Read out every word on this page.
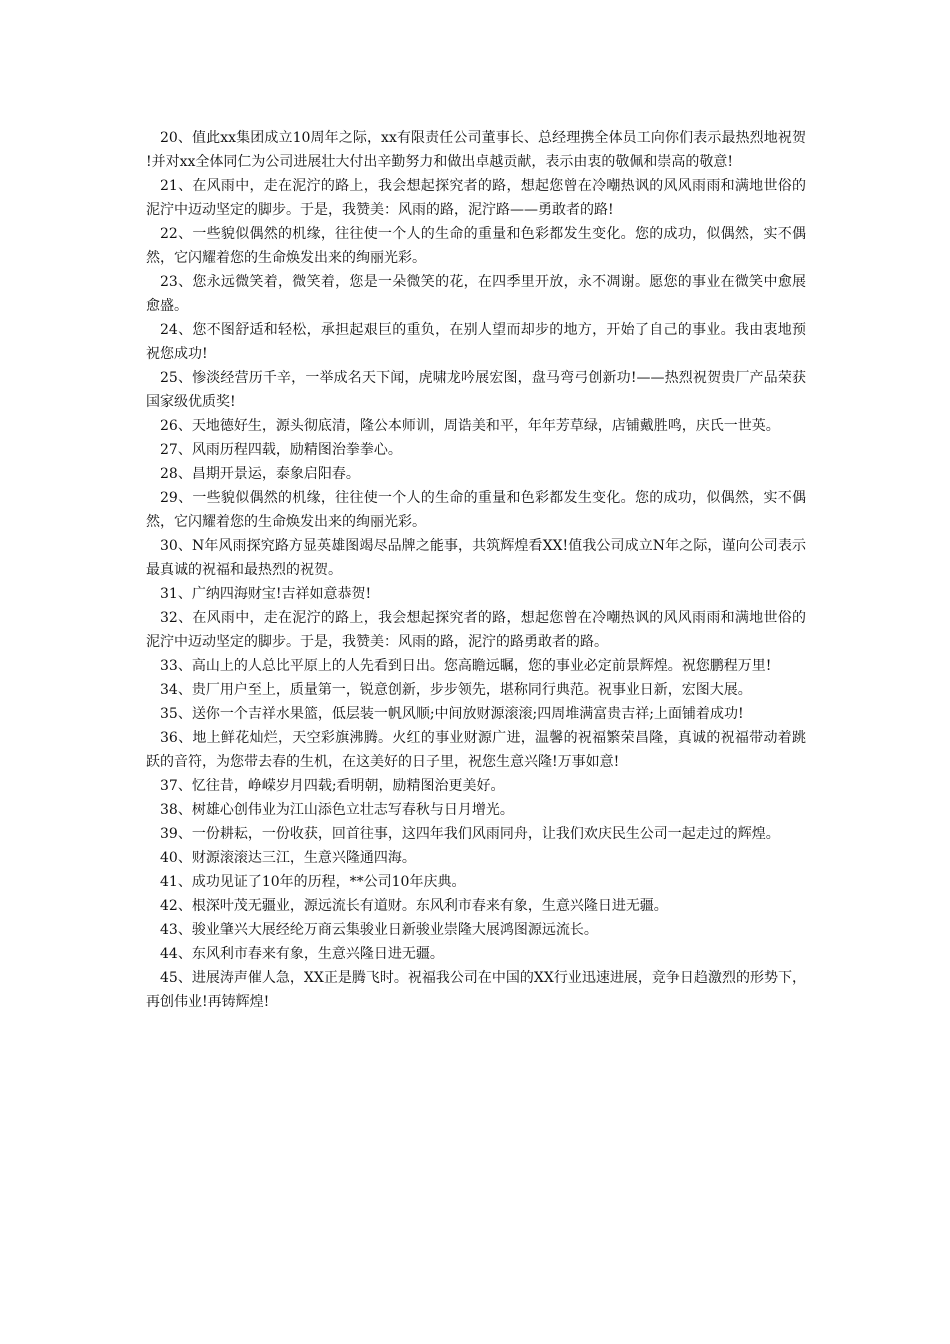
20、值此xx集团成立10周年之际，xx有限责任公司董事长、总经理携全体员工向你们表示最热烈地祝贺!并对xx全体同仁为公司进展壮大付出辛勤努力和做出卓越贡献，表示由衷的敬佩和崇高的敬意!

21、在风雨中，走在泥泞的路上，我会想起探究者的路，想起您曾在冷嘲热讽的风风雨雨和满地世俗的泥泞中迈动坚定的脚步。于是，我赞美：风雨的路，泥泞路——勇敢者的路!

22、一些貌似偶然的机缘，往往使一个人的生命的重量和色彩都发生变化。您的成功，似偶然，实不偶然，它闪耀着您的生命焕发出来的绚丽光彩。

23、您永远微笑着，微笑着，您是一朵微笑的花，在四季里开放，永不凋谢。愿您的事业在微笑中愈展愈盛。

24、您不图舒适和轻松，承担起艰巨的重负，在别人望而却步的地方，开始了自己的事业。我由衷地预祝您成功!

25、惨淡经营历千辛，一举成名天下闻，虎啸龙吟展宏图，盘马弯弓创新功!——热烈祝贺贵厂产品荣获国家级优质奖!

26、天地德好生，源头彻底清，隆公本师训，周诰美和平，年年芳草绿，店铺戴胜鸣，庆氏一世英。

27、风雨历程四载，励精图治拳拳心。

28、昌期开景运，泰象启阳春。

29、一些貌似偶然的机缘，往往使一个人的生命的重量和色彩都发生变化。您的成功，似偶然，实不偶然，它闪耀着您的生命焕发出来的绚丽光彩。

30、N年风雨探究路方显英雄图竭尽品牌之能事，共筑辉煌看XX!值我公司成立N年之际，谨向公司表示最真诚的祝福和最热烈的祝贺。

31、广纳四海财宝!吉祥如意恭贺!

32、在风雨中，走在泥泞的路上，我会想起探究者的路，想起您曾在冷嘲热讽的风风雨雨和满地世俗的泥泞中迈动坚定的脚步。于是，我赞美：风雨的路，泥泞的路勇敢者的路。

33、高山上的人总比平原上的人先看到日出。您高瞻远瞩，您的事业必定前景辉煌。祝您鹏程万里!

34、贵厂用户至上，质量第一，锐意创新，步步领先，堪称同行典范。祝事业日新，宏图大展。

35、送你一个吉祥水果篮，低层装一帆风顺;中间放财源滚滚;四周堆满富贵吉祥;上面铺着成功!

36、地上鲜花灿烂，天空彩旗沸腾。火红的事业财源广进，温馨的祝福繁荣昌隆，真诚的祝福带动着跳跃的音符，为您带去春的生机，在这美好的日子里，祝您生意兴隆!万事如意!

37、忆往昔，峥嵘岁月四载;看明朝，励精图治更美好。

38、树雄心创伟业为江山添色立壮志写春秋与日月增光。

39、一份耕耘，一份收获，回首往事，这四年我们风雨同舟，让我们欢庆民生公司一起走过的辉煌。

40、财源滚滚达三江，生意兴隆通四海。

41、成功见证了10年的历程，**公司10年庆典。

42、根深叶茂无疆业，源远流长有道财。东风利市春来有象，生意兴隆日进无疆。

43、骏业肇兴大展经纶万商云集骏业日新骏业崇隆大展鸿图源远流长。

44、东风利市春来有象，生意兴隆日进无疆。

45、进展涛声催人急，XX正是腾飞时。祝福我公司在中国的XX行业迅速进展，竞争日趋激烈的形势下，再创伟业!再铸辉煌!
